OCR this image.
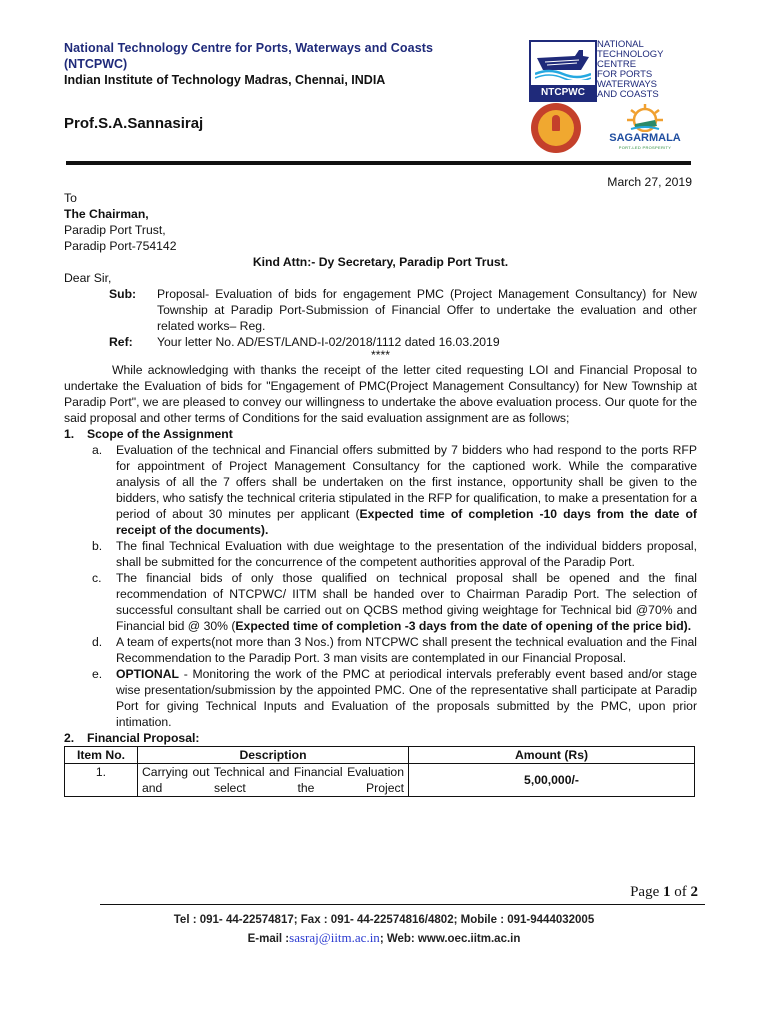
National Technology Centre for Ports, Waterways and Coasts
(NTCPWC)
Indian Institute of Technology Madras, Chennai, INDIA
Prof.S.A.Sannasiraj
NTCPWC
NATIONAL
TECHNOLOGY
CENTRE
FOR PORTS
WATERWAYS
AND COASTS
SAGARMALA
PORT-LED PROSPERITY
March 27, 2019
To
The Chairman,
Paradip Port Trust,
Paradip Port-754142
Kind Attn:- Dy Secretary, Paradip Port Trust.
Dear Sir,
Sub:	Proposal- Evaluation of bids for engagement PMC (Project Management Consultancy) for New Township at Paradip Port-Submission of Financial Offer to undertake the evaluation and other related works– Reg.
Ref:	Your letter No. AD/EST/LAND-I-02/2018/1112 dated 16.03.2019
****
While acknowledging with thanks the receipt of the letter cited requesting LOI and Financial Proposal to undertake the Evaluation of bids for "Engagement of PMC(Project Management Consultancy) for New Township at Paradip Port", we are pleased to convey our willingness to undertake the above evaluation process. Our quote for the said proposal and other terms of Conditions for the said evaluation assignment are as follows;
1.	Scope of the Assignment
a.	Evaluation of the technical and Financial offers submitted by 7 bidders who had respond to the ports RFP for appointment of Project Management Consultancy for the captioned work. While the comparative analysis of all the 7 offers shall be undertaken on the first instance, opportunity shall be given to the bidders, who satisfy the technical criteria stipulated in the RFP for qualification, to make a presentation for a period of about 30 minutes per applicant (Expected time of completion -10 days from the date of receipt of the documents).
b.	The final Technical Evaluation with due weightage to the presentation of the individual bidders proposal, shall be submitted for the concurrence of the competent authorities approval of the Paradip Port.
c.	The financial bids of only those qualified on technical proposal shall be opened and the final recommendation of NTCPWC/ IITM shall be handed over to Chairman Paradip Port. The selection of successful consultant shall be carried out on QCBS method giving weightage for Technical bid @70% and Financial bid @ 30% (Expected time of completion -3 days from the date of opening of the price bid).
d.	A team of experts(not more than 3 Nos.) from NTCPWC shall present the technical evaluation and the Final Recommendation to the Paradip Port. 3 man visits are contemplated in our Financial Proposal.
e.	OPTIONAL - Monitoring the work of the PMC at periodical intervals preferably event based and/or stage wise presentation/submission by the appointed PMC. One of the representative shall participate at Paradip Port for giving Technical Inputs and Evaluation of the proposals submitted by the PMC, upon prior intimation.
2.	Financial Proposal:
Item No.	Description	Amount (Rs)
1.	Carrying out Technical and Financial Evaluation and select the Project	5,00,000/-
Page 1 of 2
Tel : 091- 44-22574817; Fax : 091- 44-22574816/4802; Mobile : 091-9444032005
E-mail :sasraj@iitm.ac.in; Web: www.oec.iitm.ac.in
